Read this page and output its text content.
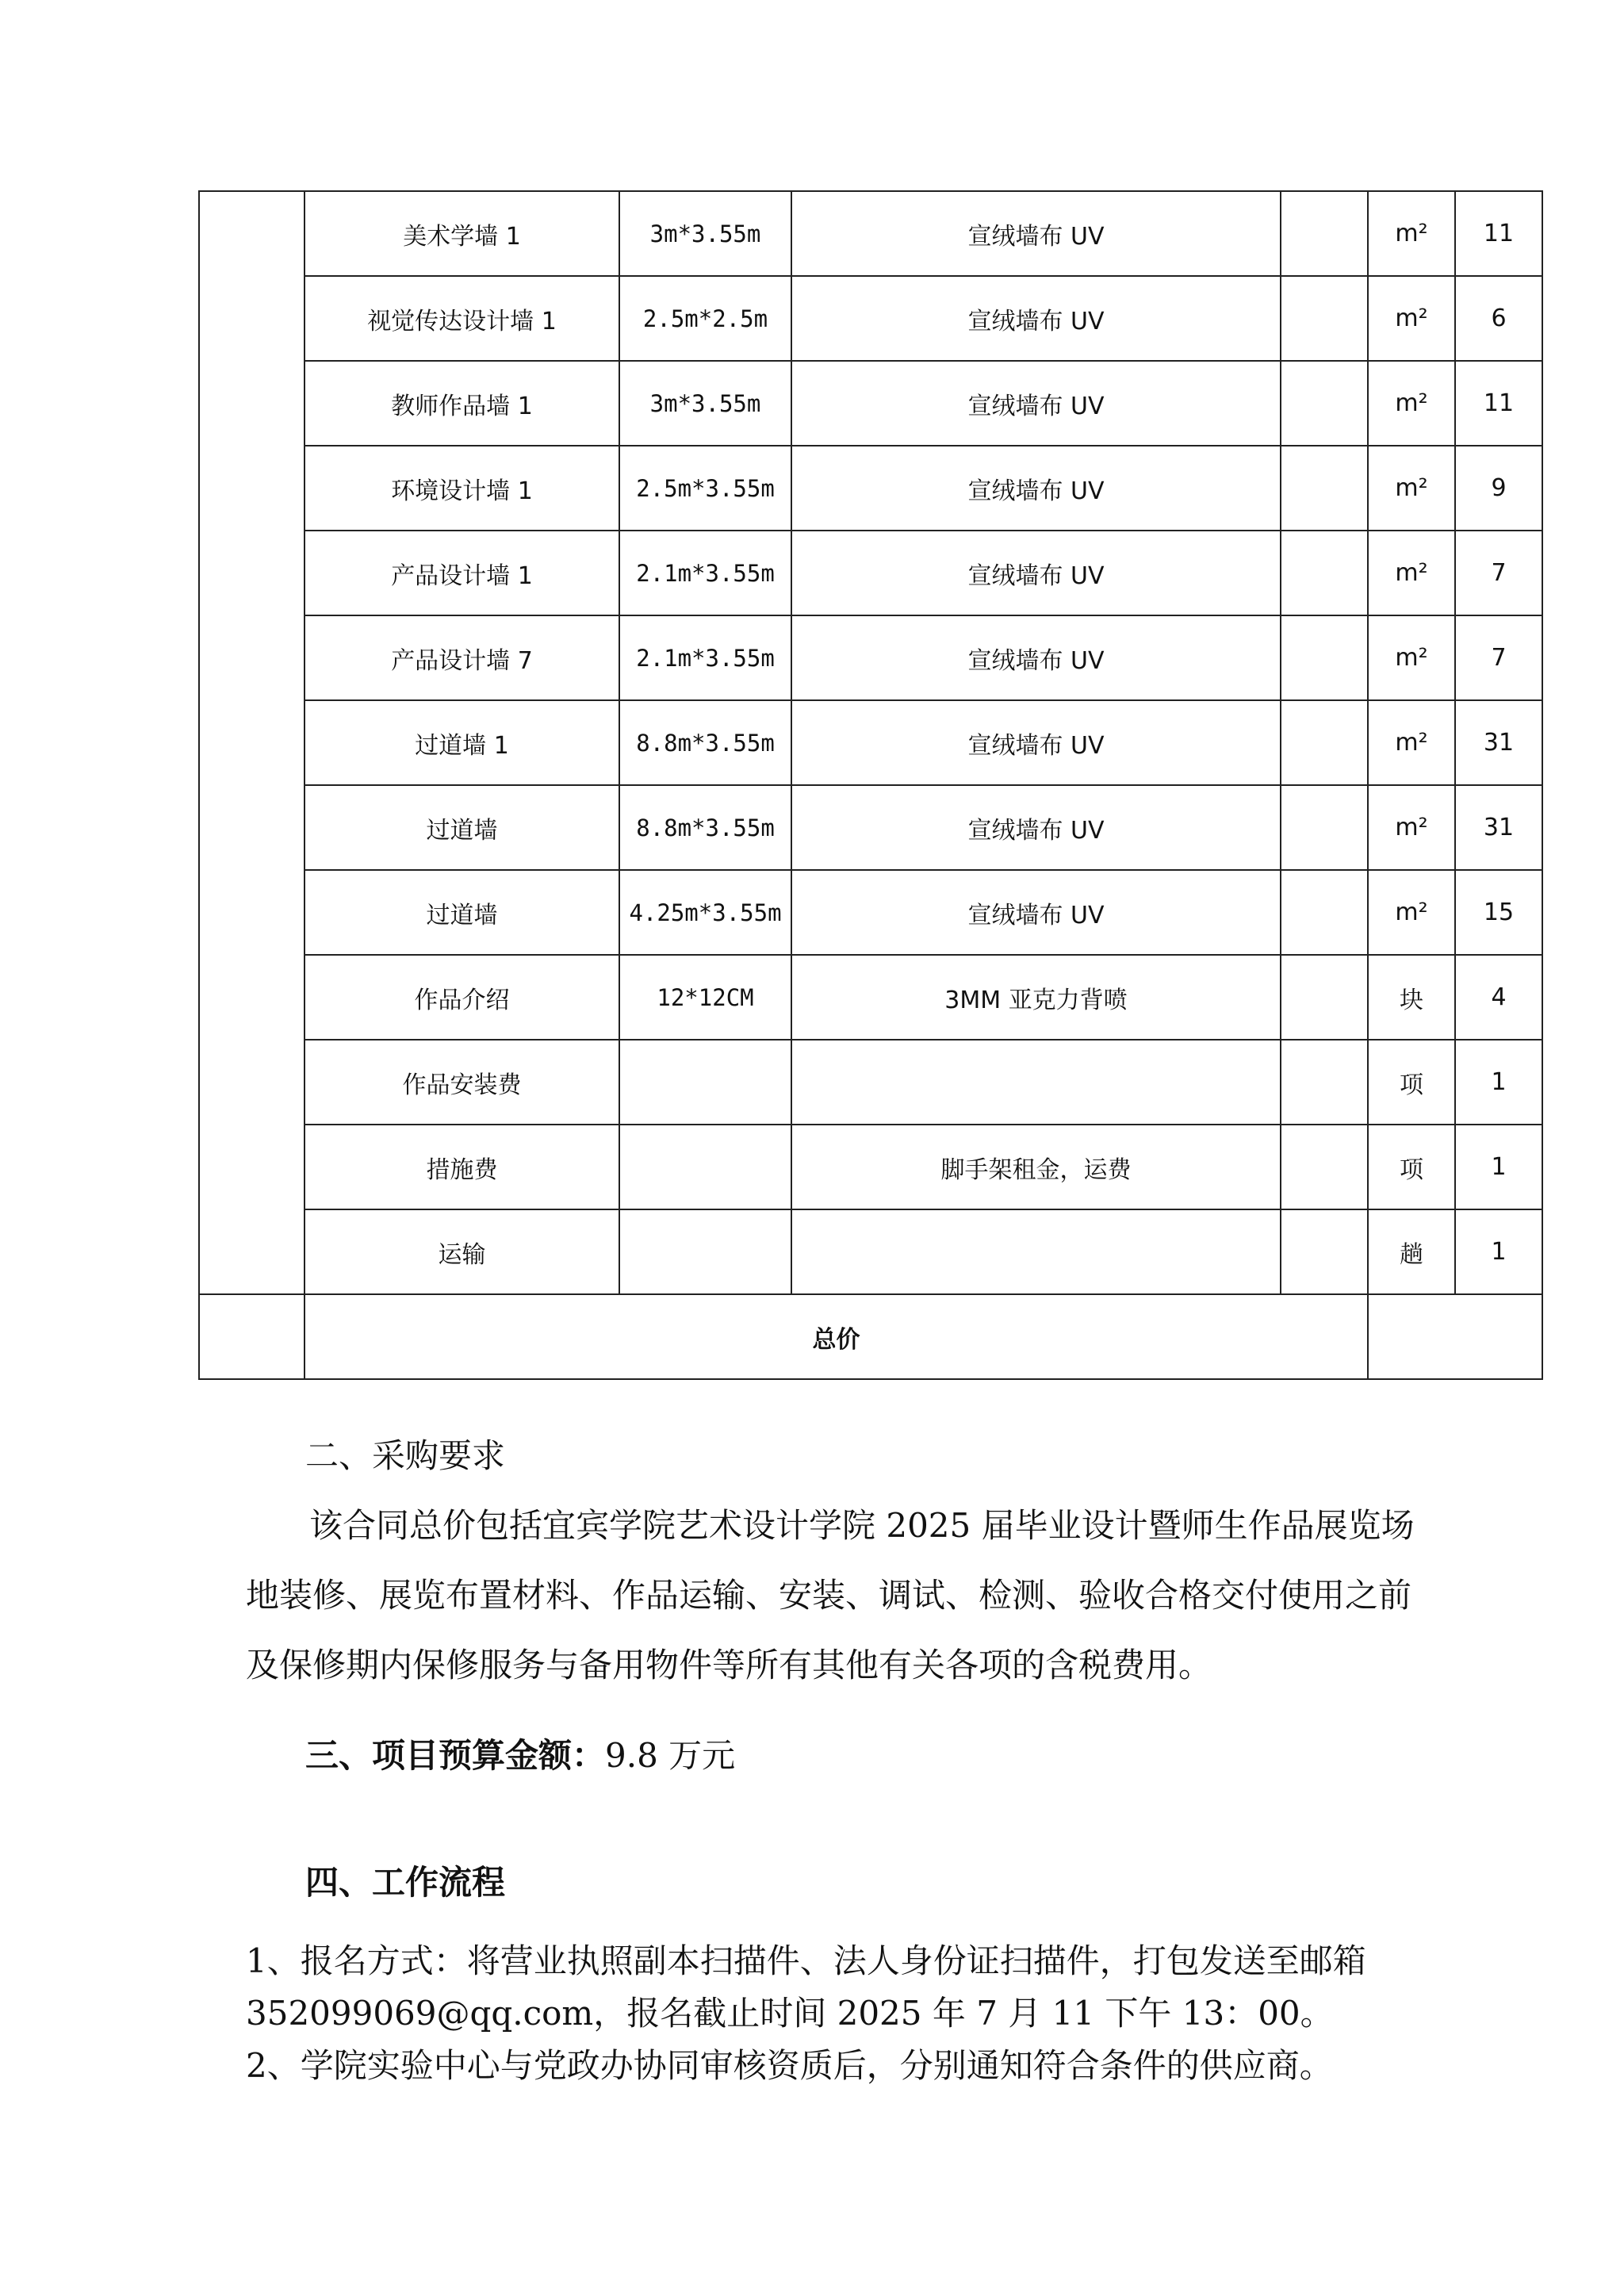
	美术学墙 1	3m*3.55m	宣绒墙布 UV		m²	11
	视觉传达设计墙 1	2.5m*2.5m	宣绒墙布 UV		m²	6
	教师作品墙 1	3m*3.55m	宣绒墙布 UV		m²	11
	环境设计墙 1	2.5m*3.55m	宣绒墙布 UV		m²	9
	产品设计墙 1	2.1m*3.55m	宣绒墙布 UV		m²	7
	产品设计墙 7	2.1m*3.55m	宣绒墙布 UV		m²	7
	过道墙 1	8.8m*3.55m	宣绒墙布 UV		m²	31
	过道墙	8.8m*3.55m	宣绒墙布 UV		m²	31
	过道墙	4.25m*3.55m	宣绒墙布 UV		m²	15
	作品介绍	12*12CM	3MM 亚克力背喷		块	4
	作品安装费				项	1
	措施费		脚手架租金，运费		项	1
	运输				趟	1
	总价					
二、采购要求
该合同总价包括宜宾学院艺术设计学院 2025 届毕业设计暨师生作品展览场
地装修、展览布置材料、作品运输、安装、调试、检测、验收合格交付使用之前
及保修期内保修服务与备用物件等所有其他有关各项的含税费用。
三、项目预算金额：9.8 万元
四、工作流程
1、报名方式：将营业执照副本扫描件、法人身份证扫描件，打包发送至邮箱
352099069@qq.com，报名截止时间 2025 年 7 月 11 下午 13：00。
2、学院实验中心与党政办协同审核资质后，分别通知符合条件的供应商。
